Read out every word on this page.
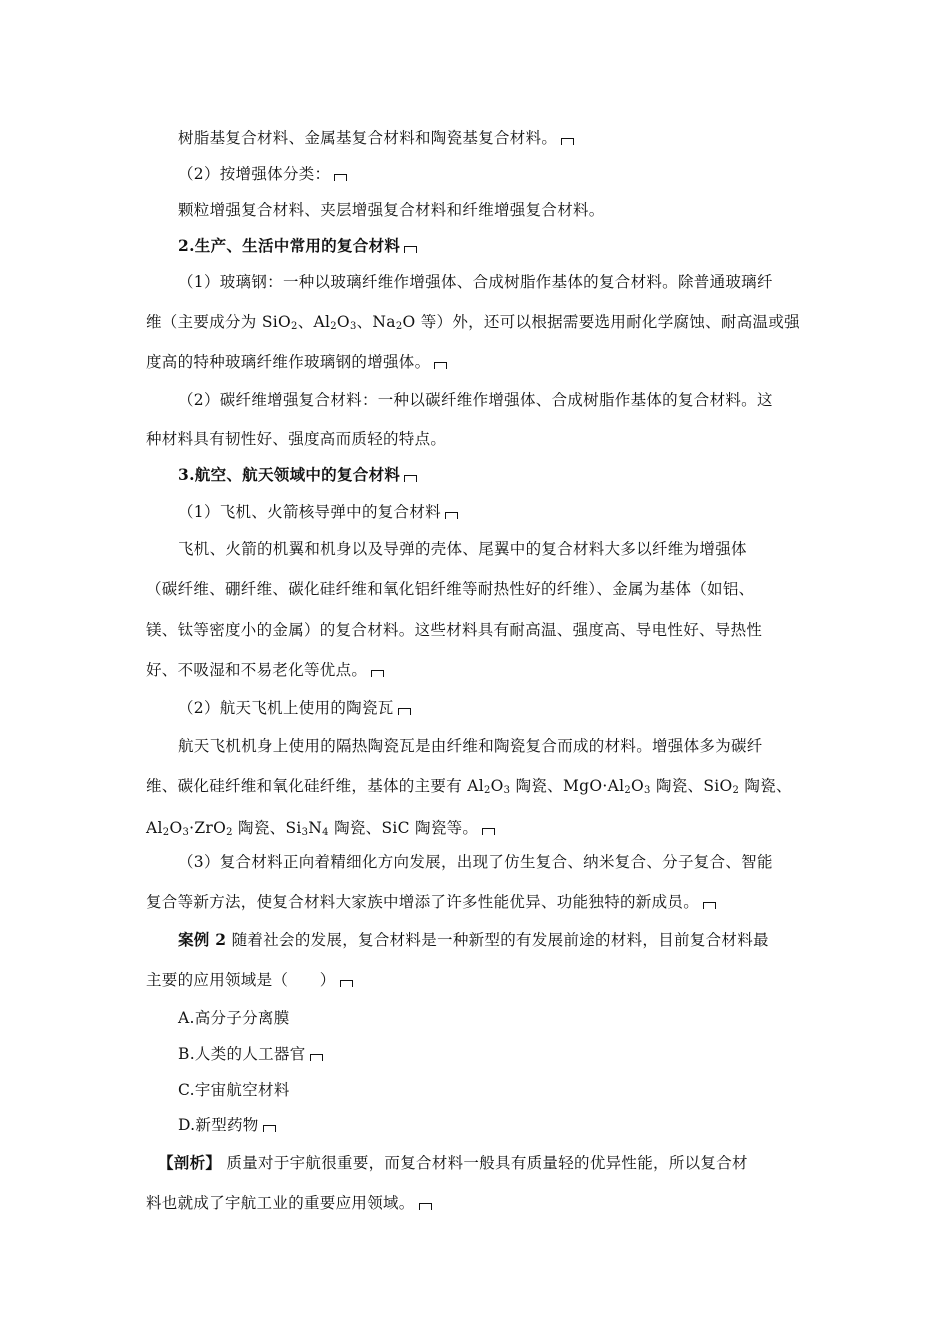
树脂基复合材料、金属基复合材料和陶瓷基复合材料。
（2）按增强体分类：
颗粒增强复合材料、夹层增强复合材料和纤维增强复合材料。
2.生产、生活中常用的复合材料
（1）玻璃钢：一种以玻璃纤维作增强体、合成树脂作基体的复合材料。除普通玻璃纤
维（主要成分为 SiO$_2$、$Al_2O_3$、$Na_2O$ 等）外，还可以根据需要选用耐化学腐蚀、耐高温或强
度高的特种玻璃纤维作玻璃钢的增强体。
（2）碳纤维增强复合材料：一种以碳纤维作增强体、合成树脂作基体的复合材料。这
种材料具有韧性好、强度高而质轻的特点。
3.航空、航天领域中的复合材料
（1）飞机、火箭核导弹中的复合材料
飞机、火箭的机翼和机身以及导弹的壳体、尾翼中的复合材料大多以纤维为增强体
（碳纤维、硼纤维、碳化硅纤维和氧化铝纤维等耐热性好的纤维）、金属为基体（如铝、
镁、钛等密度小的金属）的复合材料。这些材料具有耐高温、强度高、导电性好、导热性
好、不吸湿和不易老化等优点。
（2）航天飞机上使用的陶瓷瓦
航天飞机机身上使用的隔热陶瓷瓦是由纤维和陶瓷复合而成的材料。增强体多为碳纤
维、碳化硅纤维和氧化硅纤维，基体的主要有 $Al_2O_3$ 陶瓷、$MgO\cdot Al_2O_3$ 陶瓷、SiO$_2$ 陶瓷、
$Al_2O_3\cdot ZrO_2$ 陶瓷、$Si_3N_4$ 陶瓷、SiC 陶瓷等。
（3）复合材料正向着精细化方向发展，出现了仿生复合、纳米复合、分子复合、智能
复合等新方法，使复合材料大家族中增添了许多性能优异、功能独特的新成员。
案例 2 随着社会的发展，复合材料是一种新型的有发展前途的材料，目前复合材料最
主要的应用领域是（　　）
A.高分子分离膜
B.人类的人工器官
C.宇宙航空材料
D.新型药物
【剖析】 质量对于宇航很重要，而复合材料一般具有质量轻的优异性能，所以复合材
料也就成了宇航工业的重要应用领域。
